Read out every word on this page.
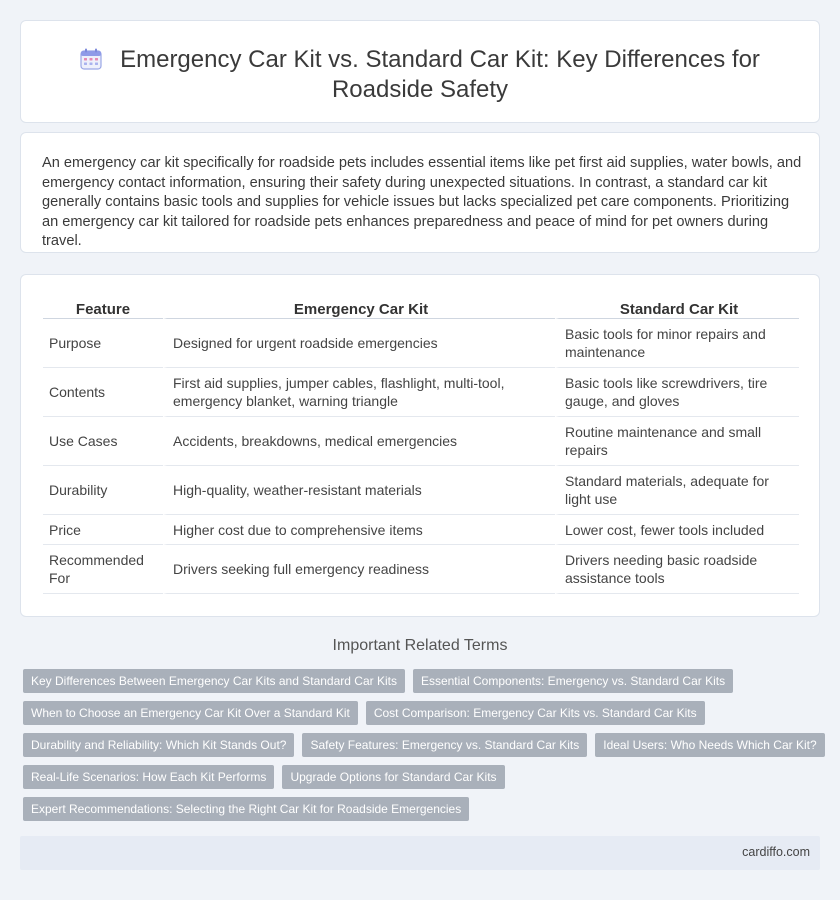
Emergency Car Kit vs. Standard Car Kit: Key Differences for
Roadside Safety

An emergency car kit specifically for roadside pets includes essential items like pet first aid supplies, water bowls, and emergency contact information, ensuring their safety during unexpected situations. In contrast, a standard car kit generally contains basic tools and supplies for vehicle issues but lacks specialized pet care components. Prioritizing an emergency car kit tailored for roadside pets enhances preparedness and peace of mind for pet owners during travel.

Feature	Emergency Car Kit	Standard Car Kit
Purpose	Designed for urgent roadside emergencies	Basic tools for minor repairs and maintenance
Contents	First aid supplies, jumper cables, flashlight, multi-tool, emergency blanket, warning triangle	Basic tools like screwdrivers, tire gauge, and gloves
Use Cases	Accidents, breakdowns, medical emergencies	Routine maintenance and small repairs
Durability	High-quality, weather-resistant materials	Standard materials, adequate for light use
Price	Higher cost due to comprehensive items	Lower cost, fewer tools included
Recommended For	Drivers seeking full emergency readiness	Drivers needing basic roadside assistance tools
Important Related Terms
Key Differences Between Emergency Car Kits and Standard Car Kits	Essential Components: Emergency vs. Standard Car Kits
When to Choose an Emergency Car Kit Over a Standard Kit	Cost Comparison: Emergency Car Kits vs. Standard Car Kits
Durability and Reliability: Which Kit Stands Out?	Safety Features: Emergency vs. Standard Car Kits	Ideal Users: Who Needs Which Car Kit?
Real-Life Scenarios: How Each Kit Performs	Upgrade Options for Standard Car Kits
Expert Recommendations: Selecting the Right Car Kit for Roadside Emergencies
cardiffo.com
